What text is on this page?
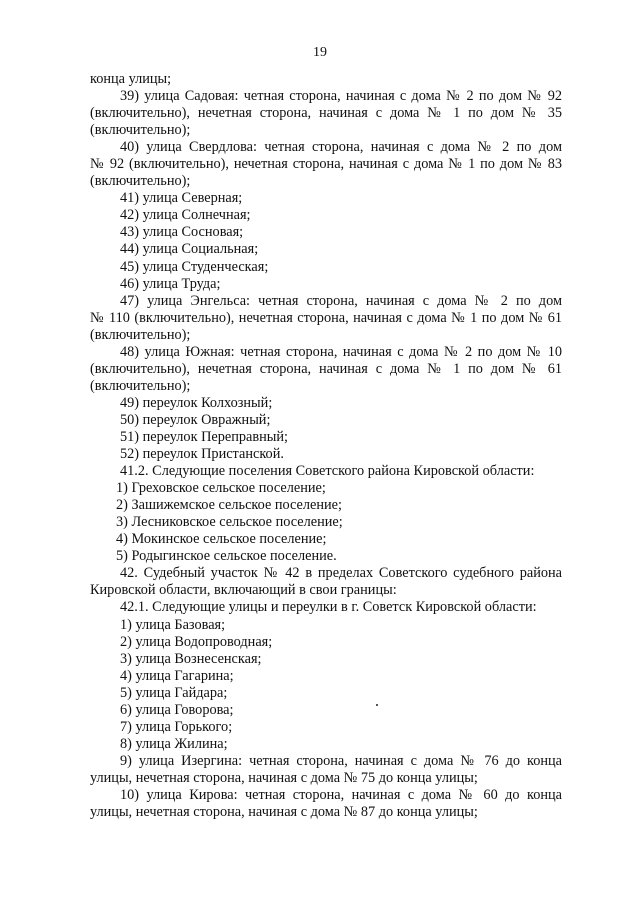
19
конца улицы;
39) улица Садовая: четная сторона, начиная с дома № 2 по дом № 92
(включительно), нечетная сторона, начиная с дома № 1 по дом № 35
(включительно);
40) улица Свердлова: четная сторона, начиная с дома № 2 по дом
№ 92 (включительно), нечетная сторона, начиная с дома № 1 по дом № 83
(включительно);
41) улица Северная;
42) улица Солнечная;
43) улица Сосновая;
44) улица Социальная;
45) улица Студенческая;
46) улица Труда;
47) улица Энгельса: четная сторона, начиная с дома № 2 по дом
№ 110 (включительно), нечетная сторона, начиная с дома № 1 по дом № 61
(включительно);
48) улица Южная: четная сторона, начиная с дома № 2 по дом № 10
(включительно), нечетная сторона, начиная с дома № 1 по дом № 61
(включительно);
49) переулок Колхозный;
50) переулок Овражный;
51) переулок Переправный;
52) переулок Пристанской.
41.2. Следующие поселения Советского района Кировской области:
1) Греховское сельское поселение;
2) Зашижемское сельское поселение;
3) Лесниковское сельское поселение;
4) Мокинское сельское поселение;
5) Родыгинское сельское поселение.
42. Судебный участок № 42 в пределах Советского судебного района
Кировской области, включающий в свои границы:
42.1. Следующие улицы и переулки в г. Советск Кировской области:
1) улица Базовая;
2) улица Водопроводная;
3) улица Вознесенская;
4) улица Гагарина;
5) улица Гайдара;
6) улица Говорова;
7) улица Горького;
8) улица Жилина;
9) улица Изергина: четная сторона, начиная с дома № 76 до конца
улицы, нечетная сторона, начиная с дома № 75 до конца улицы;
10) улица Кирова: четная сторона, начиная с дома № 60 до конца
улицы, нечетная сторона, начиная с дома № 87 до конца улицы;
